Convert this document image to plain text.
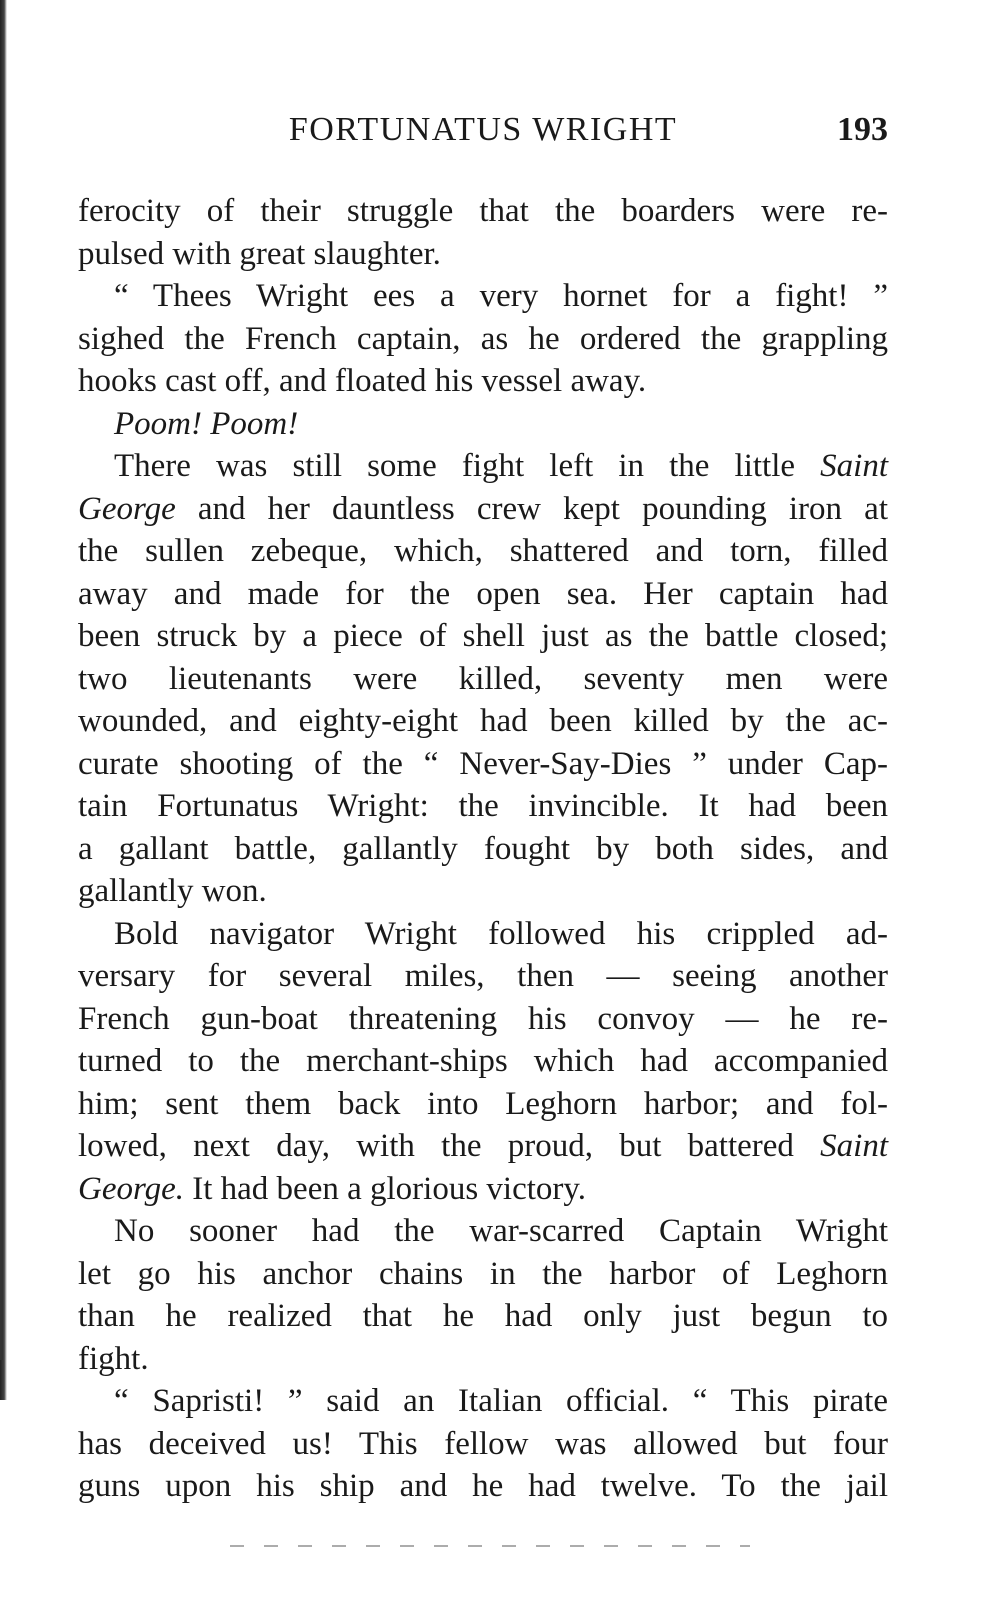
FORTUNATUS WRIGHT	193
ferocity of their struggle that the boarders were re-
pulsed with great slaughter.
“ Thees Wright ees a very hornet for a fight! ”
sighed the French captain, as he ordered the grappling
hooks cast off, and floated his vessel away.
Poom! Poom!
There was still some fight left in the little Saint
George and her dauntless crew kept pounding iron at
the sullen zebeque, which, shattered and torn, filled
away and made for the open sea. Her captain had
been struck by a piece of shell just as the battle closed;
two lieutenants were killed, seventy men were
wounded, and eighty-eight had been killed by the ac-
curate shooting of the “ Never-Say-Dies ” under Cap-
tain Fortunatus Wright: the invincible. It had been
a gallant battle, gallantly fought by both sides, and
gallantly won.
Bold navigator Wright followed his crippled ad-
versary for several miles, then — seeing another
French gun-boat threatening his convoy — he re-
turned to the merchant-ships which had accompanied
him; sent them back into Leghorn harbor; and fol-
lowed, next day, with the proud, but battered Saint
George. It had been a glorious victory.
No sooner had the war-scarred Captain Wright
let go his anchor chains in the harbor of Leghorn
than he realized that he had only just begun to
fight.
“ Sapristi! ” said an Italian official. “ This pirate
has deceived us! This fellow was allowed but four
guns upon his ship and he had twelve. To the jail
